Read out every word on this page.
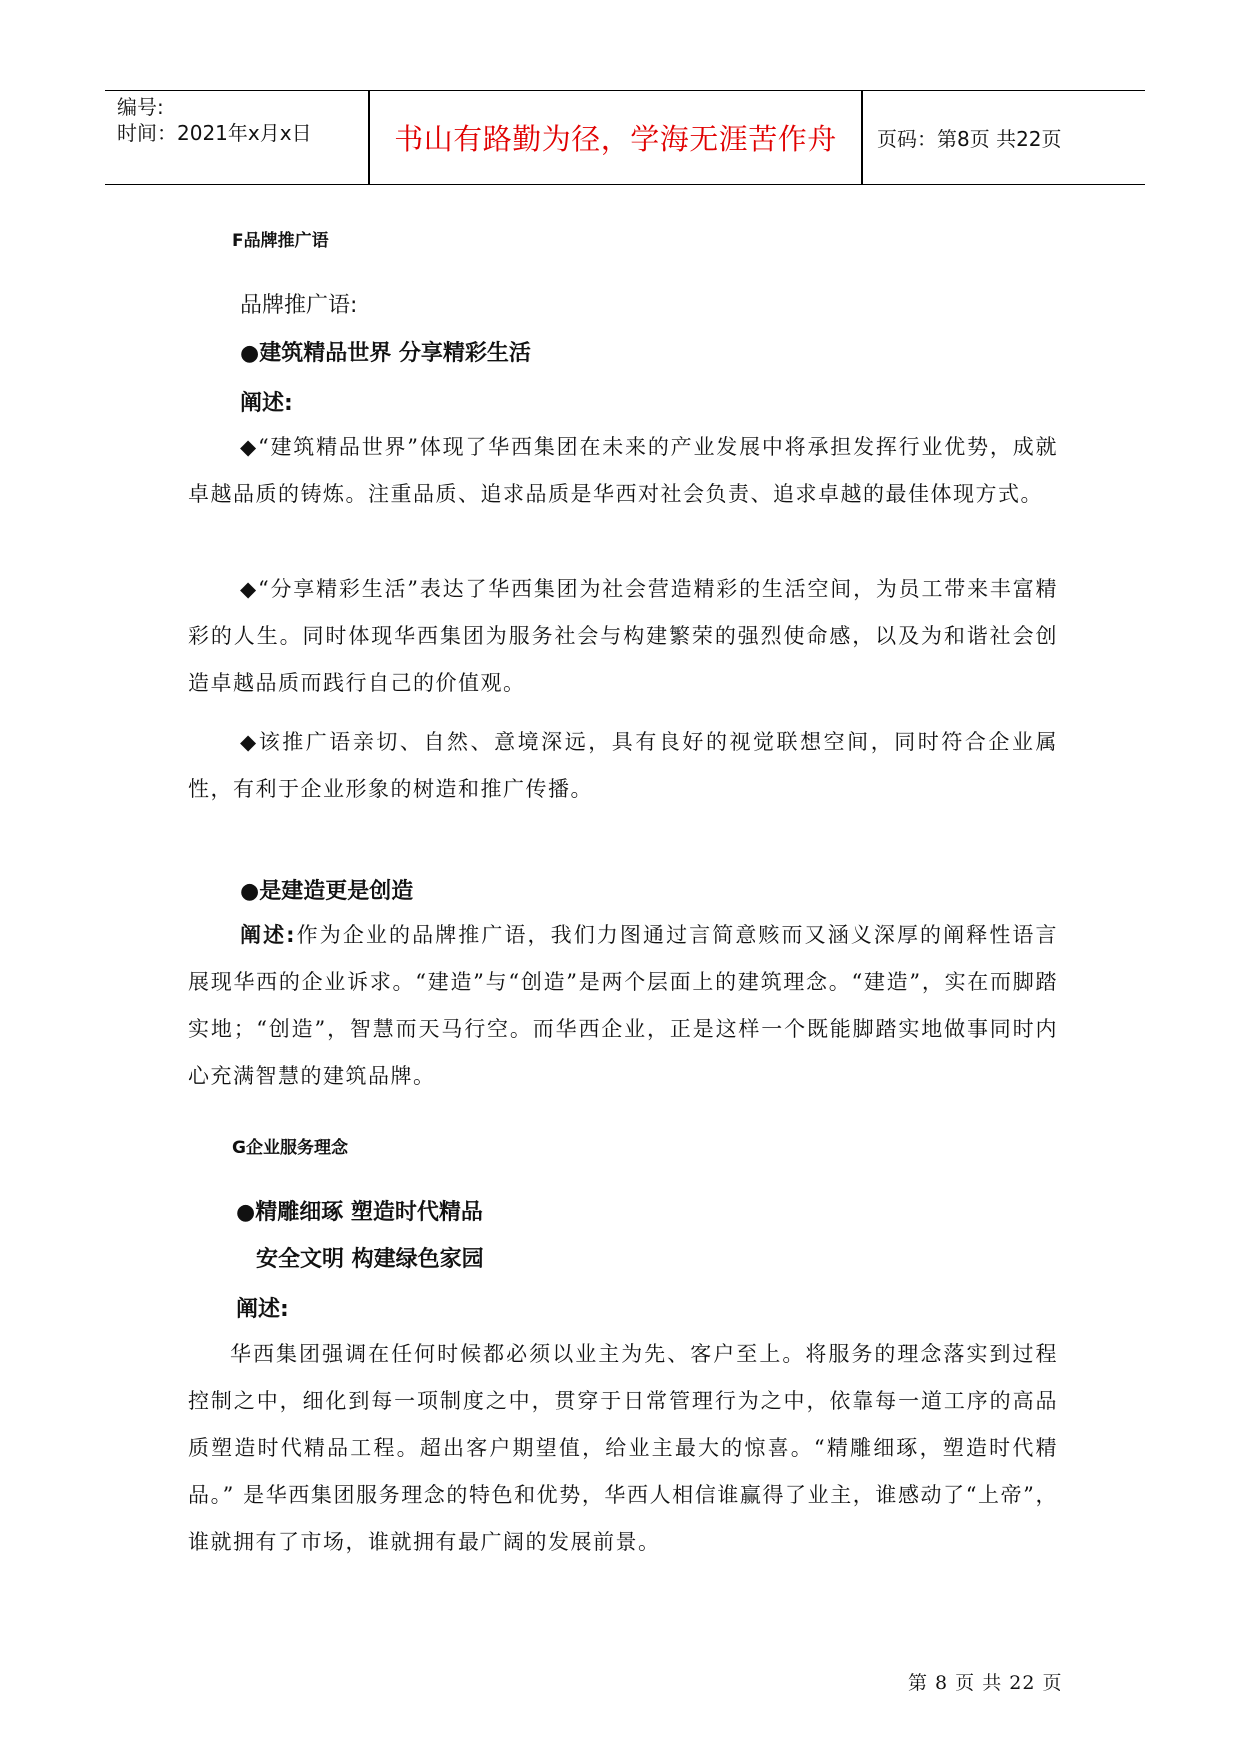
编号:
时间：2021年x月x日	书山有路勤为径，学海无涯苦作舟	页码：第8页 共22页
F品牌推广语
品牌推广语:
●建筑精品世界 分享精彩生活
阐述:
◆“建筑精品世界”体现了华西集团在未来的产业发展中将承担发挥行业优势，成就卓越品质的铸炼。注重品质、追求品质是华西对社会负责、追求卓越的最佳体现方式。
◆“分享精彩生活”表达了华西集团为社会营造精彩的生活空间，为员工带来丰富精彩的人生。同时体现华西集团为服务社会与构建繁荣的强烈使命感，以及为和谐社会创造卓越品质而践行自己的价值观。
◆该推广语亲切、自然、意境深远，具有良好的视觉联想空间，同时符合企业属性，有利于企业形象的树造和推广传播。
●是建造更是创造
阐述:作为企业的品牌推广语，我们力图通过言简意赅而又涵义深厚的阐释性语言展现华西的企业诉求。“建造”与“创造”是两个层面上的建筑理念。“建造”，实在而脚踏实地；“创造”，智慧而天马行空。而华西企业，正是这样一个既能脚踏实地做事同时内心充满智慧的建筑品牌。
G企业服务理念
●精雕细琢 塑造时代精品
安全文明 构建绿色家园
阐述:
华西集团强调在任何时候都必须以业主为先、客户至上。将服务的理念落实到过程控制之中，细化到每一项制度之中，贯穿于日常管理行为之中，依靠每一道工序的高品质塑造时代精品工程。超出客户期望值，给业主最大的惊喜。“精雕细琢，塑造时代精品。” 是华西集团服务理念的特色和优势，华西人相信谁赢得了业主，谁感动了“上帝”，谁就拥有了市场，谁就拥有最广阔的发展前景。
第 8 页 共 22 页
